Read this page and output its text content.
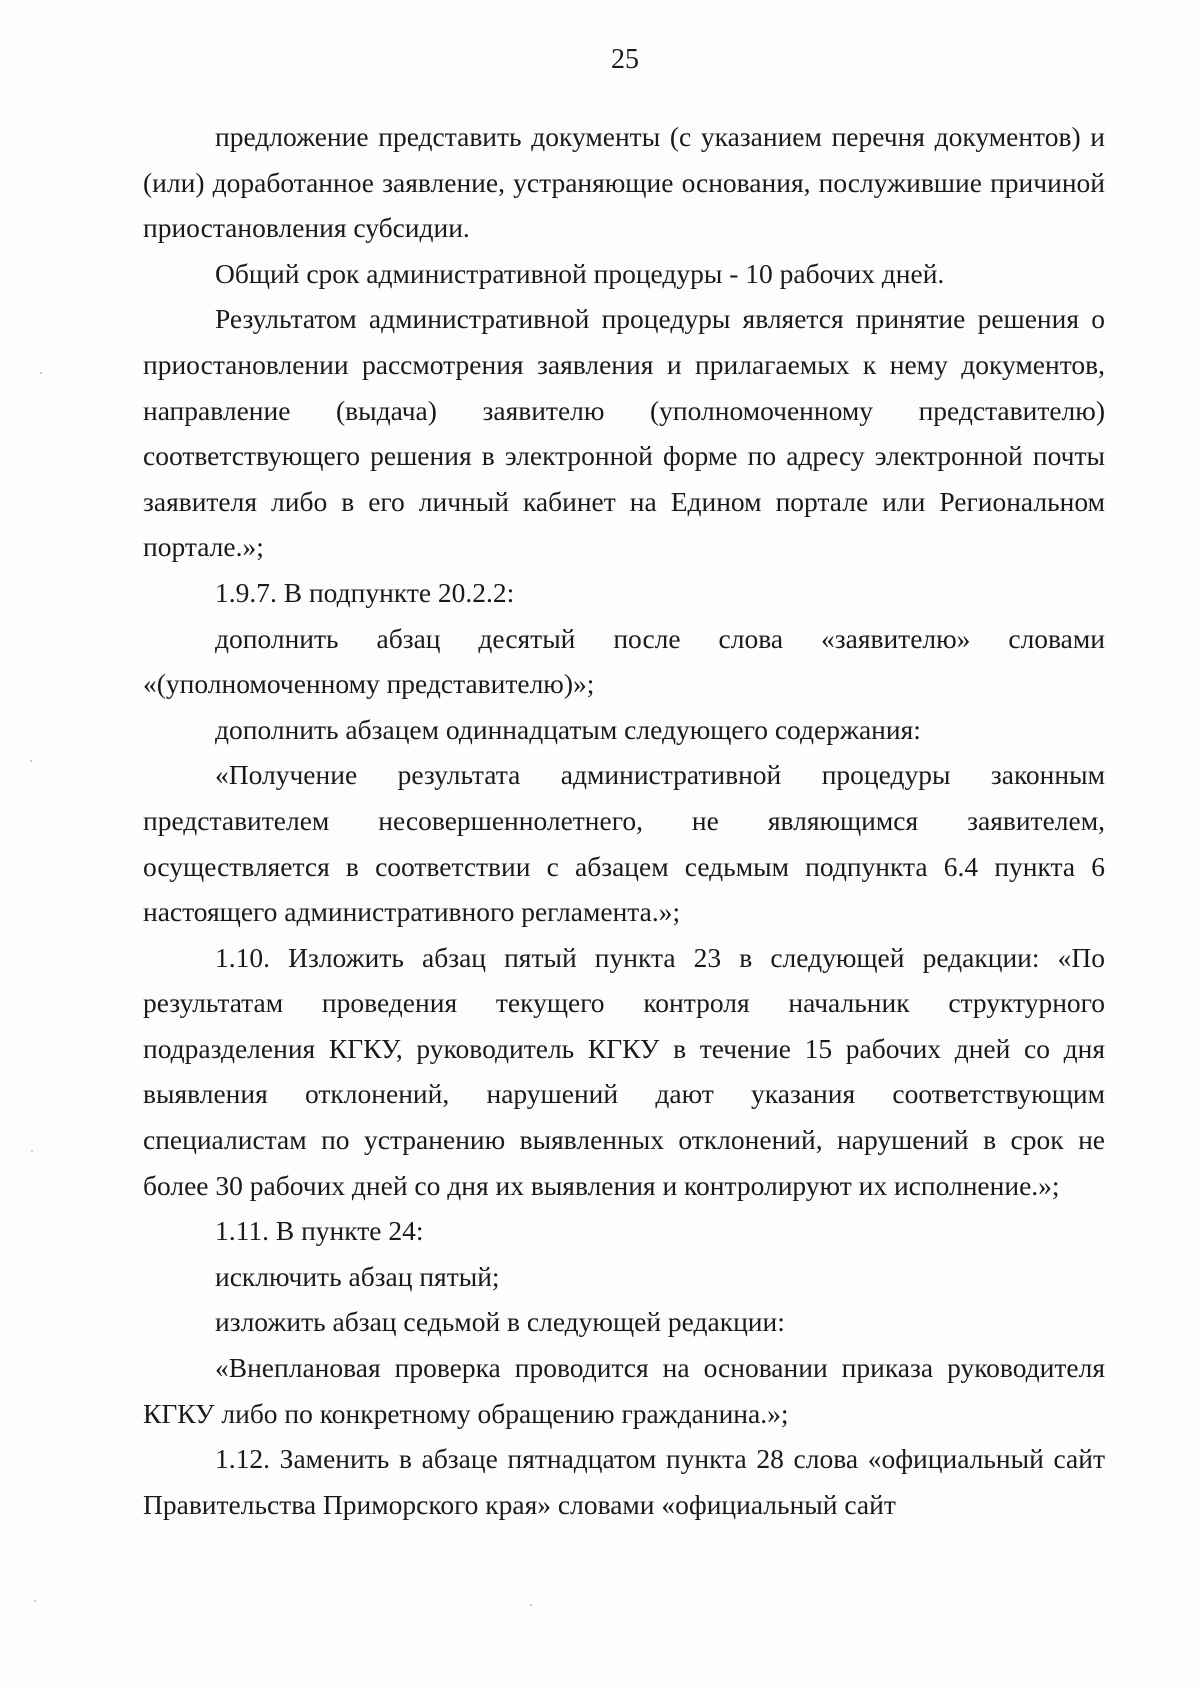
25

предложение представить документы (с указанием перечня документов) и (или) доработанное заявление, устраняющие основания, послужившие причиной приостановления субсидии.

Общий срок административной процедуры - 10 рабочих дней.

Результатом административной процедуры является принятие решения о приостановлении рассмотрения заявления и прилагаемых к нему документов, направление (выдача) заявителю (уполномоченному представителю) соответствующего решения в электронной форме по адресу электронной почты заявителя либо в его личный кабинет на Едином портале или Региональном портале.»;

1.9.7. В подпункте 20.2.2:

дополнить абзац десятый после слова «заявителю» словами «(уполномоченному представителю)»;

дополнить абзацем одиннадцатым следующего содержания:

«Получение результата административной процедуры законным представителем несовершеннолетнего, не являющимся заявителем, осуществляется в соответствии с абзацем седьмым подпункта 6.4 пункта 6 настоящего административного регламента.»;

1.10. Изложить абзац пятый пункта 23 в следующей редакции: «По результатам проведения текущего контроля начальник структурного подразделения КГКУ, руководитель КГКУ в течение 15 рабочих дней со дня выявления отклонений, нарушений дают указания соответствующим специалистам по устранению выявленных отклонений, нарушений в срок не более 30 рабочих дней со дня их выявления и контролируют их исполнение.»;

1.11. В пункте 24:

исключить абзац пятый;

изложить абзац седьмой в следующей редакции:

«Внеплановая проверка проводится на основании приказа руководителя КГКУ либо по конкретному обращению гражданина.»;

1.12. Заменить в абзаце пятнадцатом пункта 28 слова «официальный сайт Правительства Приморского края» словами «официальный сайт
